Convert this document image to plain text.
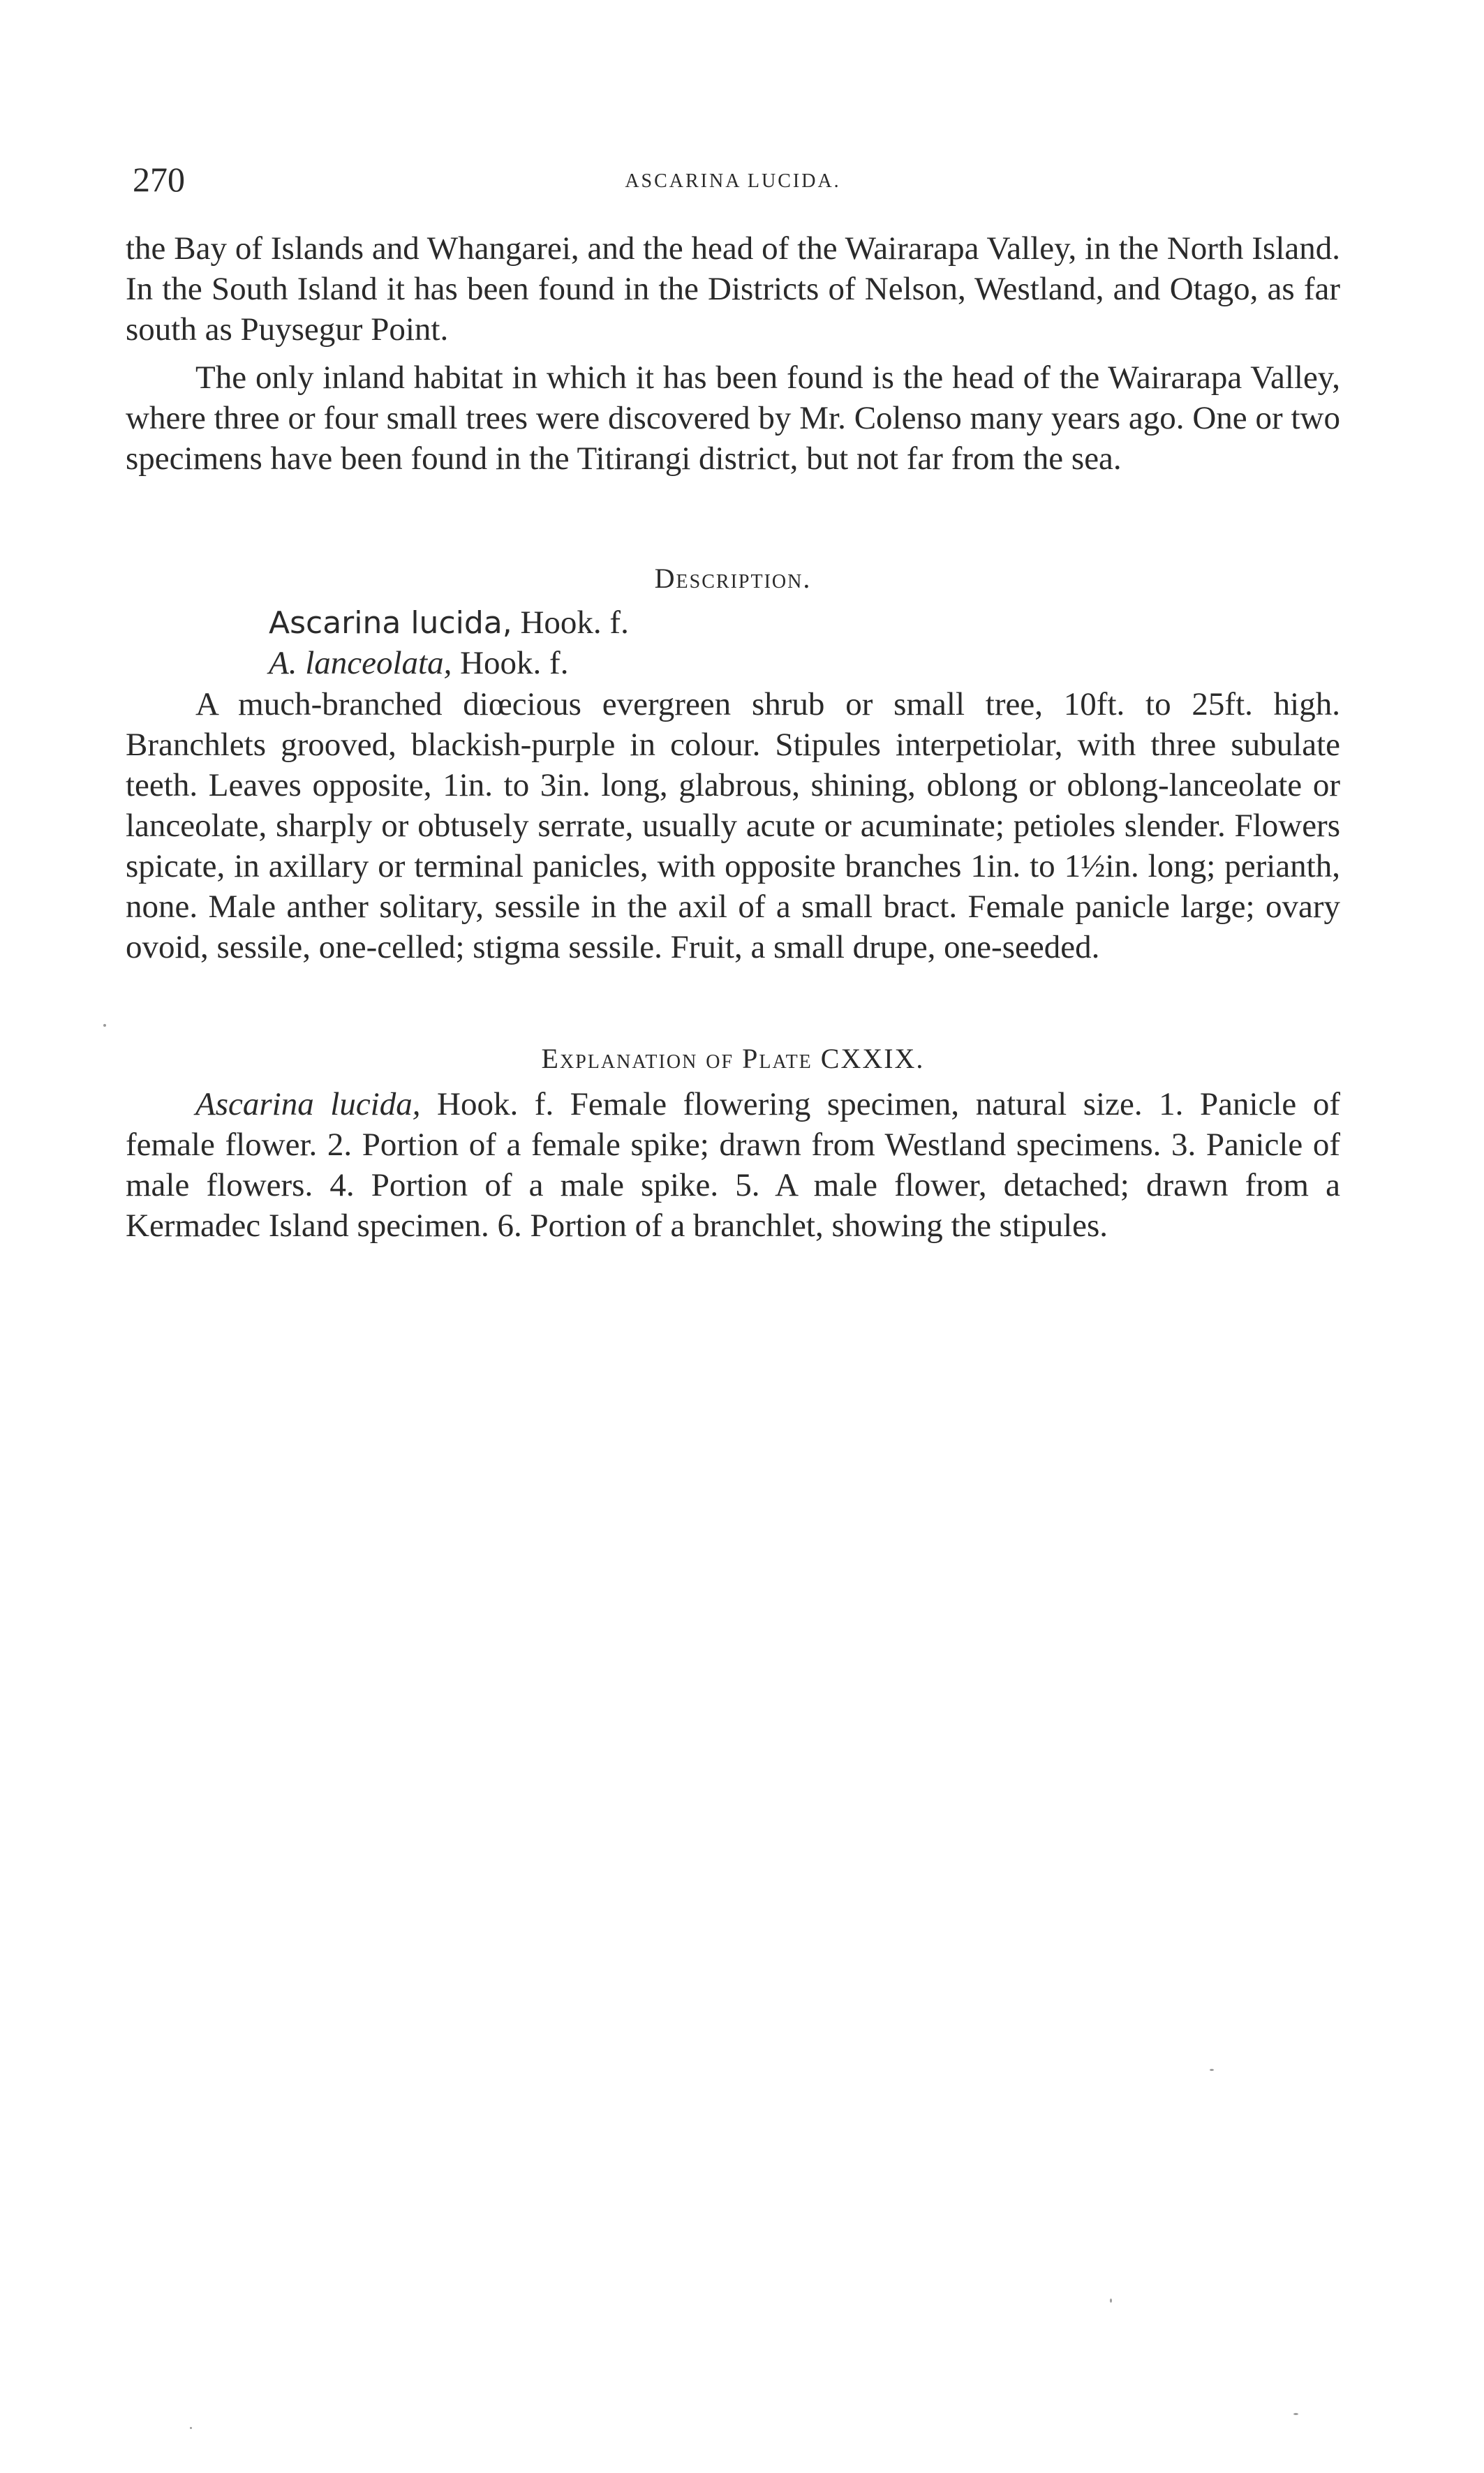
270	ASCARINA LUCIDA.

the Bay of Islands and Whangarei, and the head of the Wairarapa Valley, in the North Island. In the South Island it has been found in the Districts of Nelson, Westland, and Otago, as far south as Puysegur Point.

The only inland habitat in which it has been found is the head of the Wairarapa Valley, where three or four small trees were discovered by Mr. Colenso many years ago. One or two specimens have been found in the Titirangi district, but not far from the sea.

Description.
Ascarina lucida, Hook. f.
A. lanceolata, Hook. f.

A much-branched diœcious evergreen shrub or small tree, 10ft. to 25ft. high. Branchlets grooved, blackish-purple in colour. Stipules interpetiolar, with three subulate teeth. Leaves opposite, 1in. to 3in. long, glabrous, shining, oblong or oblong-lanceolate or lanceolate, sharply or obtusely serrate, usually acute or acuminate; petioles slender. Flowers spicate, in axillary or terminal panicles, with opposite branches 1in. to 1½in. long; perianth, none. Male anther solitary, sessile in the axil of a small bract. Female panicle large; ovary ovoid, sessile, one-celled; stigma sessile. Fruit, a small drupe, one-seeded.

Explanation of Plate CXXIX.

Ascarina lucida, Hook. f. Female flowering specimen, natural size. 1. Panicle of female flower. 2. Portion of a female spike; drawn from Westland specimens. 3. Panicle of male flowers. 4. Portion of a male spike. 5. A male flower, detached; drawn from a Kermadec Island specimen. 6. Portion of a branchlet, showing the stipules.
